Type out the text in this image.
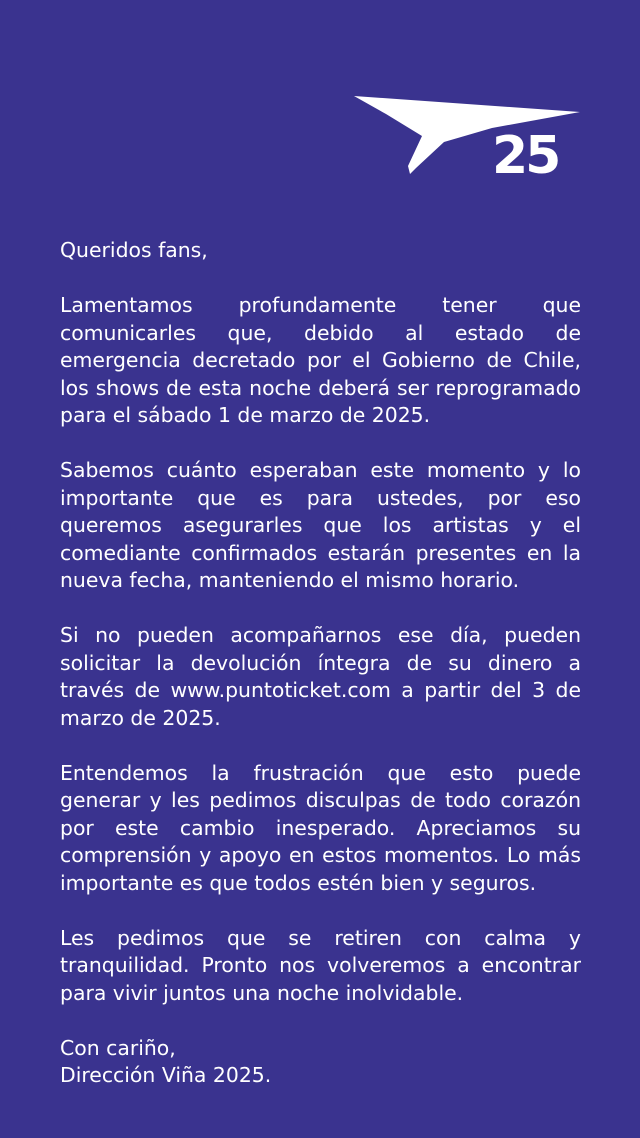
25

Queridos fans,

Lamentamos profundamente tener que comunicarles que, debido al estado de emergencia decretado por el Gobierno de Chile, los shows de esta noche deberá ser reprogramado para el sábado 1 de marzo de 2025.

Sabemos cuánto esperaban este momento y lo importante que es para ustedes, por eso queremos asegurarles que los artistas y el comediante confirmados estarán presentes en la nueva fecha, manteniendo el mismo horario.

Si no pueden acompañarnos ese día, pueden solicitar la devolución íntegra de su dinero a través de www.puntoticket.com a partir del 3 de marzo de 2025.

Entendemos la frustración que esto puede generar y les pedimos disculpas de todo corazón por este cambio inesperado. Apreciamos su comprensión y apoyo en estos momentos. Lo más importante es que todos estén bien y seguros.

Les pedimos que se retiren con calma y tranquilidad. Pronto nos volveremos a encontrar para vivir juntos una noche inolvidable.

Con cariño,
Dirección Viña 2025.
